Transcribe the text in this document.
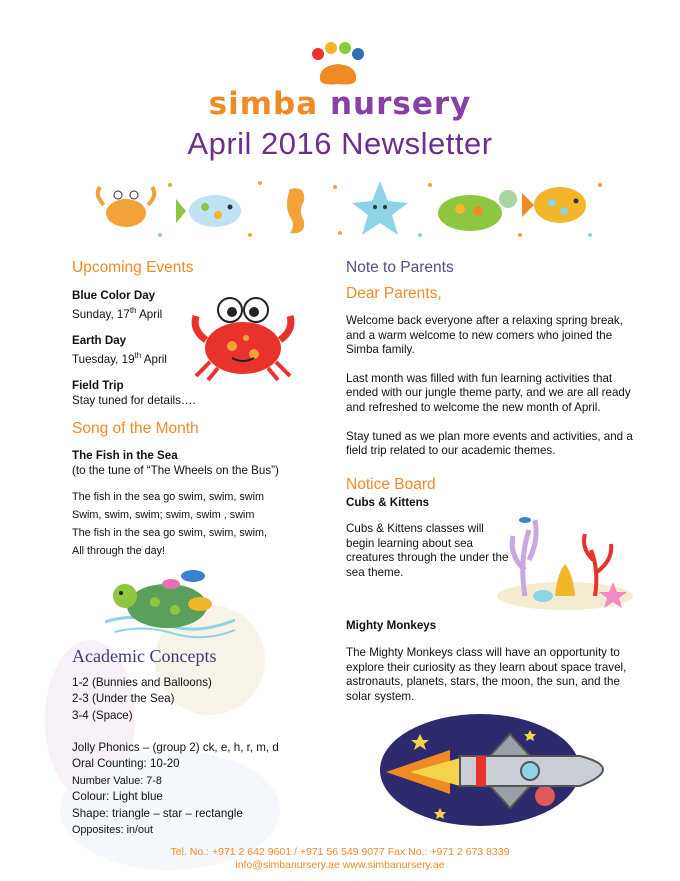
simba nursery
April 2016 Newsletter
Upcoming Events

Blue Color Day

Sunday, 17th April

Earth Day

Tuesday, 19th April

Field Trip

Stay tuned for details….

Song of the Month

The Fish in the Sea

(to the tune of “The Wheels on the Bus”)

The fish in the sea go swim, swim, swim

Swim, swim, swim; swim, swim , swim

The fish in the sea go swim, swim, swim,

All through the day!

Academic Concepts

1-2 (Bunnies and Balloons)

2-3 (Under the Sea)

3-4 (Space)

Jolly Phonics – (group 2) ck, e, h, r, m, d

Oral Counting: 10-20

Number Value: 7-8

Colour: Light blue

Shape: triangle – star – rectangle

Opposites: in/out

Note to Parents
Dear Parents,

Welcome back everyone after a relaxing spring break, and a warm welcome to new comers who joined the Simba family.

Last month was filled with fun learning activities that ended with our jungle theme party, and we are all ready and refreshed to welcome the new month of April.

Stay tuned as we plan more events and activities, and a field trip related to our academic themes.

Notice Board
Cubs & Kittens
Cubs & Kittens classes will begin learning about sea creatures through the under the sea theme.
Mighty Monkeys
The Mighty Monkeys class will have an opportunity to explore their curiosity as they learn about space travel, astronauts, planets, stars, the moon, the sun, and the solar system.

Tel. No.: +971 2 642 9601 / +971 56 549 9077 Fax No.: +971 2 673 8339

info@simbanursery.ae www.simbanursery.ae
